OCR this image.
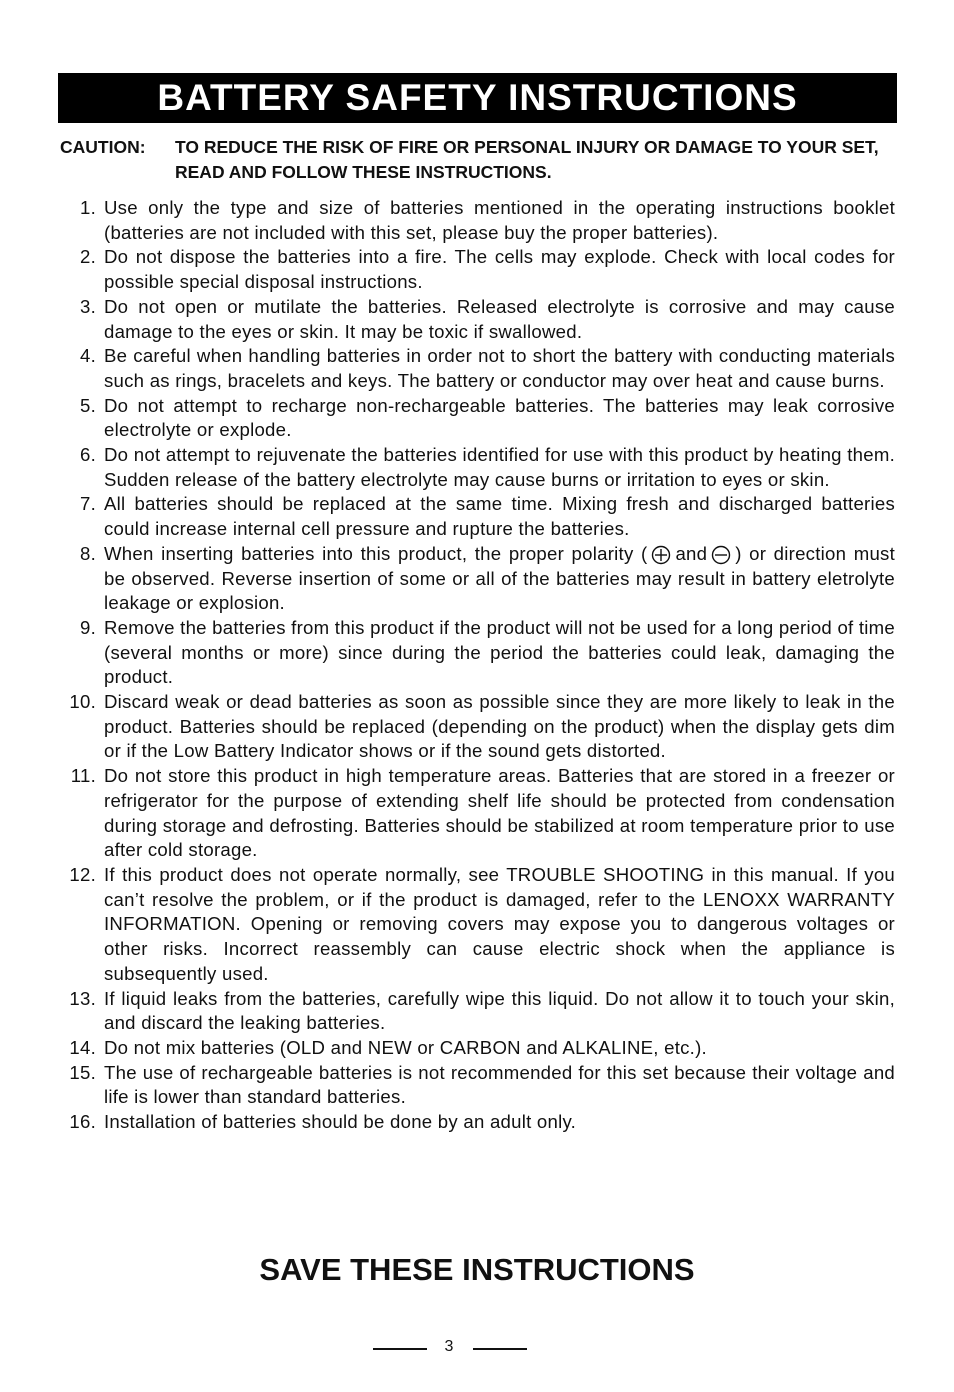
BATTERY SAFETY INSTRUCTIONS
CAUTION:	TO REDUCE THE RISK OF FIRE OR PERSONAL INJURY OR DAMAGE TO YOUR SET, READ AND FOLLOW THESE INSTRUCTIONS.
1. Use only the type and size of batteries mentioned in the operating instructions booklet (batteries are not included with this set, please buy the proper batteries).
2. Do not dispose the batteries into a fire. The cells may explode. Check with local codes for possible special disposal instructions.
3. Do not open or mutilate the batteries. Released electrolyte is corrosive and may cause damage to the eyes or skin. It may be toxic if swallowed.
4. Be careful when handling batteries in order not to short the battery with conducting materials such as rings, bracelets and keys. The battery or conductor may over heat and cause burns.
5. Do not attempt to recharge non-rechargeable batteries. The batteries may leak corrosive electrolyte or explode.
6. Do not attempt to rejuvenate the batteries identified for use with this product by heating them. Sudden release of the battery electrolyte may cause burns or irritation to eyes or skin.
7. All batteries should be replaced at the same time. Mixing fresh and discharged batteries could increase internal cell pressure and rupture the batteries.
8. When inserting batteries into this product, the proper polarity ( and ) or direction must be observed. Reverse insertion of some or all of the batteries may result in battery eletrolyte leakage or explosion.
9. Remove the batteries from this product if the product will not be used for a long period of time (several months or more) since during the period the batteries could leak, damaging the product.
10. Discard weak or dead batteries as soon as possible since they are more likely to leak in the product. Batteries should be replaced (depending on the product) when the display gets dim or if the Low Battery Indicator shows or if the sound gets distorted.
11. Do not store this product in high temperature areas. Batteries that are stored in a freezer or refrigerator for the purpose of extending shelf life should be protected from condensation during storage and defrosting. Batteries should be stabilized at room temperature prior to use after cold storage.
12. If this product does not operate normally, see TROUBLE SHOOTING in this manual. If you can’t resolve the problem, or if the product is damaged, refer to the LENOXX WARRANTY INFORMATION. Opening or removing covers may expose you to dangerous voltages or other risks. Incorrect reassembly can cause electric shock when the appliance is subsequently used.
13. If liquid leaks from the batteries, carefully wipe this liquid. Do not allow it to touch your skin, and discard the leaking batteries.
14. Do not mix batteries (OLD and NEW or CARBON and ALKALINE, etc.).
15. The use of rechargeable batteries is not recommended for this set because their voltage and life is lower than standard batteries.
16. Installation of batteries should be done by an adult only.
SAVE THESE INSTRUCTIONS
3
